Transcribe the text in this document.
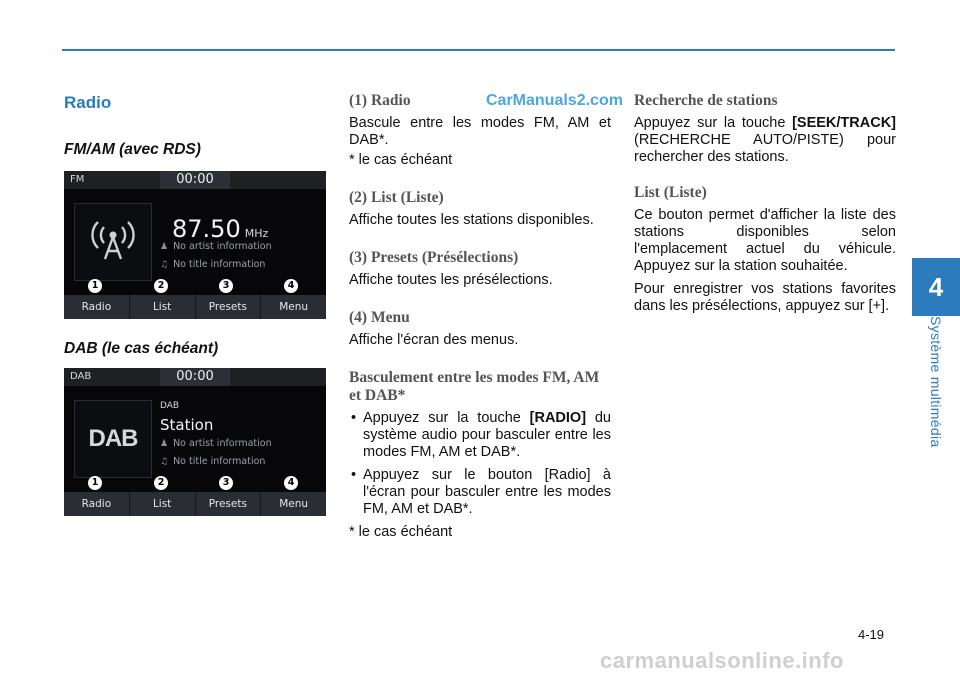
CarManuals2.com
4
Système multimédia
Radio
FM/AM (avec RDS)
DAB (le cas échéant)
FM	00:00
87.50 MHz
♟ No artist information
♫ No title information
1	2	3	4
Radio	List	Presets	Menu
DAB	00:00
DAB
DAB
Station
♟ No artist information
♫ No title information
1	2	3	4
Radio	List	Presets	Menu
(1) Radio

Bascule entre les modes FM, AM et DAB*.

* le cas échéant

(2) List (Liste)

Affiche toutes les stations disponibles.

(3) Presets (Présélections)

Affiche toutes les présélections.

(4) Menu

Affiche l'écran des menus.

Basculement entre les modes FM, AM et DAB*
• Appuyez sur la touche [RADIO] du système audio pour basculer entre les modes FM, AM et DAB*.
• Appuyez sur le bouton [Radio] à l'écran pour basculer entre les modes FM, AM et DAB*.

* le cas échéant

Recherche de stations

Appuyez sur la touche [SEEK/TRACK] (RECHERCHE AUTO/PISTE) pour rechercher des stations.

List (Liste)

Ce bouton permet d'afficher la liste des stations disponibles selon l'emplacement actuel du véhicule. Appuyez sur la station souhaitée.

Pour enregistrer vos stations favorites dans les présélections, appuyez sur [+].

4-19
carmanualsonline.info
